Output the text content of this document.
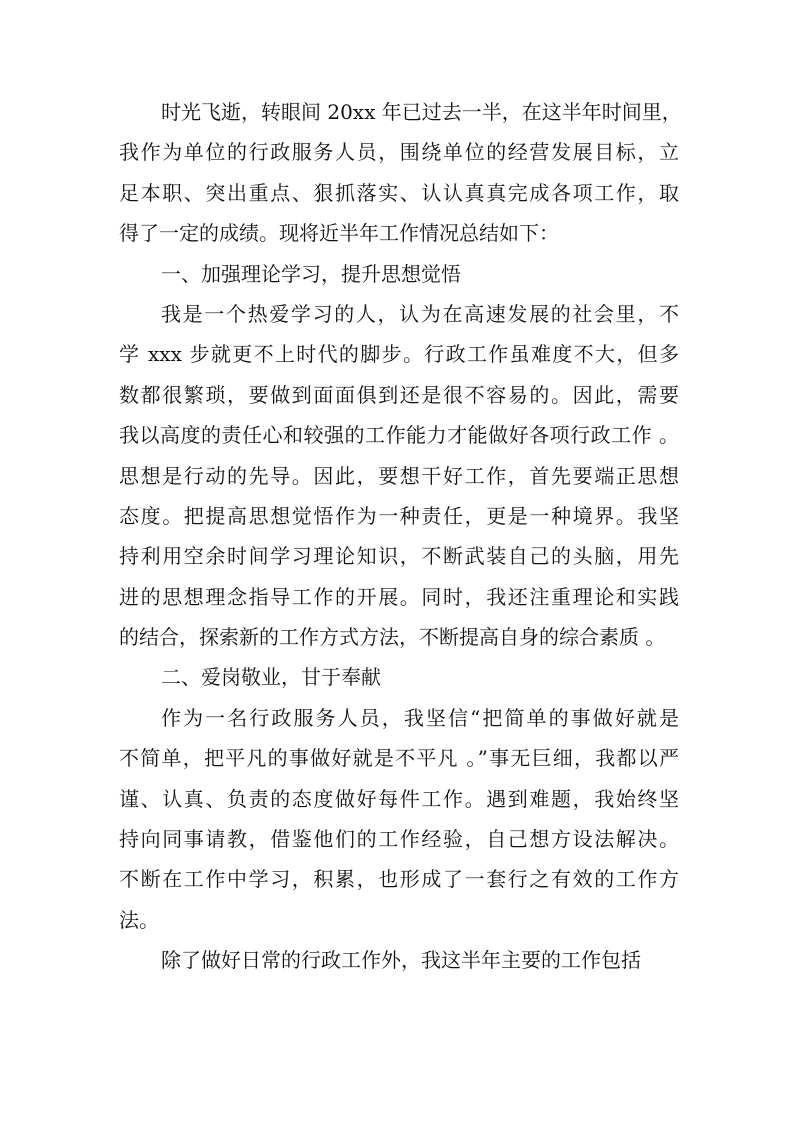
时光飞逝，转眼间 20xx 年已过去一半，在这半年时间里，
我作为单位的行政服务人员，围绕单位的经营发展目标，立
足本职、突出重点、狠抓落实、认认真真完成各项工作，取
得了一定的成绩。现将近半年工作情况总结如下：
一、加强理论学习，提升思想觉悟
我是一个热爱学习的人，认为在高速发展的社会里，不
学 xxx 步就更不上时代的脚步。行政工作虽难度不大，但多
数都很繁琐，要做到面面俱到还是很不容易的。因此，需要
我以高度的责任心和较强的工作能力才能做好各项行政工作 。
思想是行动的先导。因此，要想干好工作，首先要端正思想
态度。把提高思想觉悟作为一种责任，更是一种境界。我坚
持利用空余时间学习理论知识，不断武装自己的头脑，用先
进的思想理念指导工作的开展。同时，我还注重理论和实践
的结合，探索新的工作方式方法，不断提高自身的综合素质 。
二、爱岗敬业，甘于奉献
作为一名行政服务人员，我坚信“把简单的事做好就是
不简单，把平凡的事做好就是不平凡 。”事无巨细，我都以严
谨、认真、负责的态度做好每件工作。遇到难题，我始终坚
持向同事请教，借鉴他们的工作经验，自己想方设法解决。
不断在工作中学习，积累，也形成了一套行之有效的工作方
法。
除了做好日常的行政工作外，我这半年主要的工作包括
